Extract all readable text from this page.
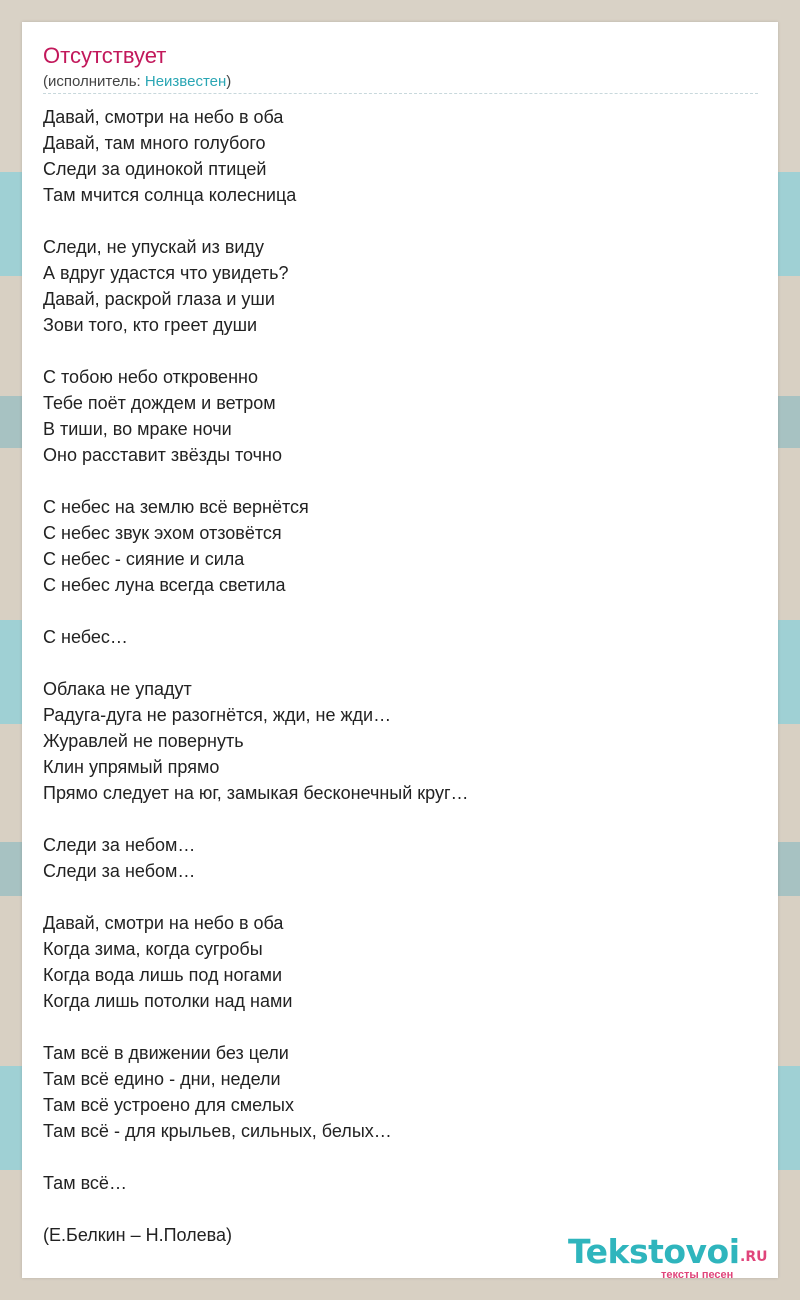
Отсутствует
(исполнитель: Неизвестен)
Давай, смотри на небо в оба
Давай, там много голубого
Следи за одинокой птицей
Там мчится солнца колесница
Следи, не упускай из виду
А вдруг удастся что увидеть?
Давай, раскрой глаза и уши
Зови того, кто греет души
С тобою небо откровенно
Тебе поёт дождем и ветром
В тиши, во мраке ночи
Оно расставит звёзды точно
С небес на землю всё вернётся
С небес звук эхом отзовётся
С небес - сияние и сила
С небес луна всегда светила
С небес…
Облака не упадут
Радуга-дуга не разогнётся, жди, не жди…
Журавлей не повернуть
Клин упрямый прямо
Прямо следует на юг, замыкая бесконечный круг…
Следи за небом…
Следи за небом…
Давай, смотри на небо в оба
Когда зима, когда сугробы
Когда вода лишь под ногами
Когда лишь потолки над нами
Там всё в движении без цели
Там всё едино - дни, недели
Там всё устроено для смелых
Там всё - для крыльев, сильных, белых…
Там всё…
(Е.Белкин – Н.Полева)	Tekstovoi .RU
тексты песен
